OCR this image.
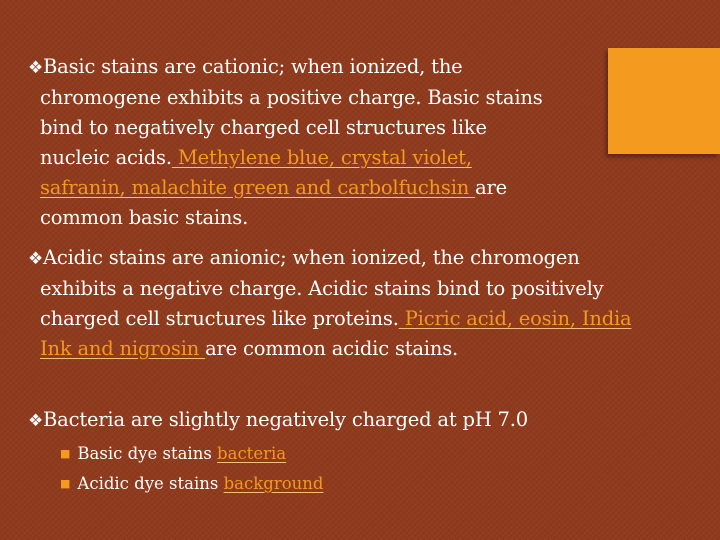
❖Basic stains are cationic; when ionized, the
chromogene exhibits a positive charge. Basic stains
bind to negatively charged cell structures like
nucleic acids. Methylene blue, crystal violet,
safranin, malachite green and carbolfuchsin are
common basic stains.

❖Acidic stains are anionic; when ionized, the chromogen
exhibits a negative charge. Acidic stains bind to positively
charged cell structures like proteins. Picric acid, eosin, India
Ink and nigrosin are common acidic stains.

❖Bacteria are slightly negatively charged at pH 7.0

■ Basic dye stains bacteria
■ Acidic dye stains background
